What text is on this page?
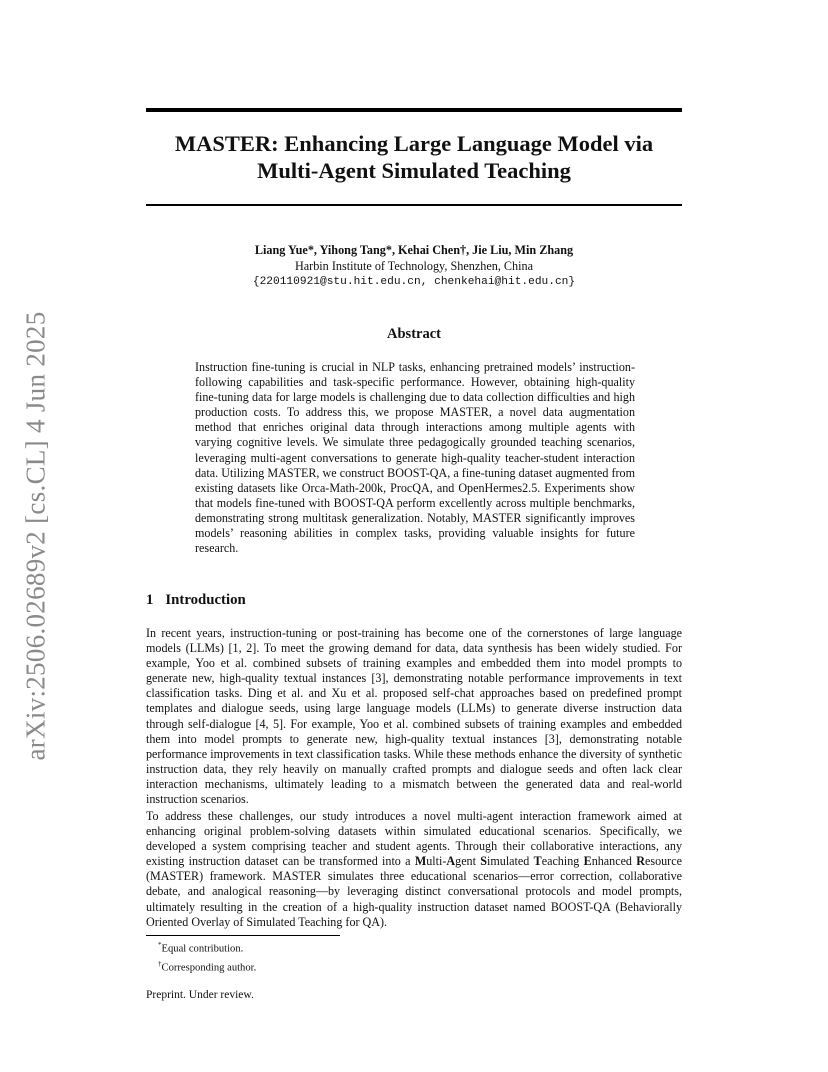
arXiv:2506.02689v2 [cs.CL] 4 Jun 2025
MASTER: Enhancing Large Language Model via
Multi-Agent Simulated Teaching
Liang Yue*, Yihong Tang*, Kehai Chen†, Jie Liu, Min Zhang
Harbin Institute of Technology, Shenzhen, China
{220110921@stu.hit.edu.cn, chenkehai@hit.edu.cn}
Abstract
Instruction fine-tuning is crucial in NLP tasks, enhancing pretrained models’ instruction-following capabilities and task-specific performance. However, obtaining high-quality fine-tuning data for large models is challenging due to data collection difficulties and high production costs. To address this, we propose MASTER, a novel data augmentation method that enriches original data through interactions among multiple agents with varying cognitive levels. We simulate three pedagogically grounded teaching scenarios, leveraging multi-agent conversations to generate high-quality teacher-student interaction data. Utilizing MASTER, we construct BOOST-QA, a fine-tuning dataset augmented from existing datasets like Orca-Math-200k, ProcQA, and OpenHermes2.5. Experiments show that models fine-tuned with BOOST-QA perform excellently across multiple benchmarks, demonstrating strong multitask generalization. Notably, MASTER significantly improves models’ reasoning abilities in complex tasks, providing valuable insights for future research.
1 Introduction
In recent years, instruction-tuning or post-training has become one of the cornerstones of large language models (LLMs) [1, 2]. To meet the growing demand for data, data synthesis has been widely studied. For example, Yoo et al. combined subsets of training examples and embedded them into model prompts to generate new, high-quality textual instances [3], demonstrating notable performance improvements in text classification tasks. Ding et al. and Xu et al. proposed self-chat approaches based on predefined prompt templates and dialogue seeds, using large language models (LLMs) to generate diverse instruction data through self-dialogue [4, 5]. For example, Yoo et al. combined subsets of training examples and embedded them into model prompts to generate new, high-quality textual instances [3], demonstrating notable performance improvements in text classification tasks. While these methods enhance the diversity of synthetic instruction data, they rely heavily on manually crafted prompts and dialogue seeds and often lack clear interaction mechanisms, ultimately leading to a mismatch between the generated data and real-world instruction scenarios.
To address these challenges, our study introduces a novel multi-agent interaction framework aimed at enhancing original problem-solving datasets within simulated educational scenarios. Specifically, we developed a system comprising teacher and student agents. Through their collaborative interactions, any existing instruction dataset can be transformed into a Multi-Agent Simulated Teaching Enhanced Resource (MASTER) framework. MASTER simulates three educational scenarios—error correction, collaborative debate, and analogical reasoning—by leveraging distinct conversational protocols and model prompts, ultimately resulting in the creation of a high-quality instruction dataset named BOOST-QA (Behaviorally Oriented Overlay of Simulated Teaching for QA).
*Equal contribution.
†Corresponding author.
Preprint. Under review.
